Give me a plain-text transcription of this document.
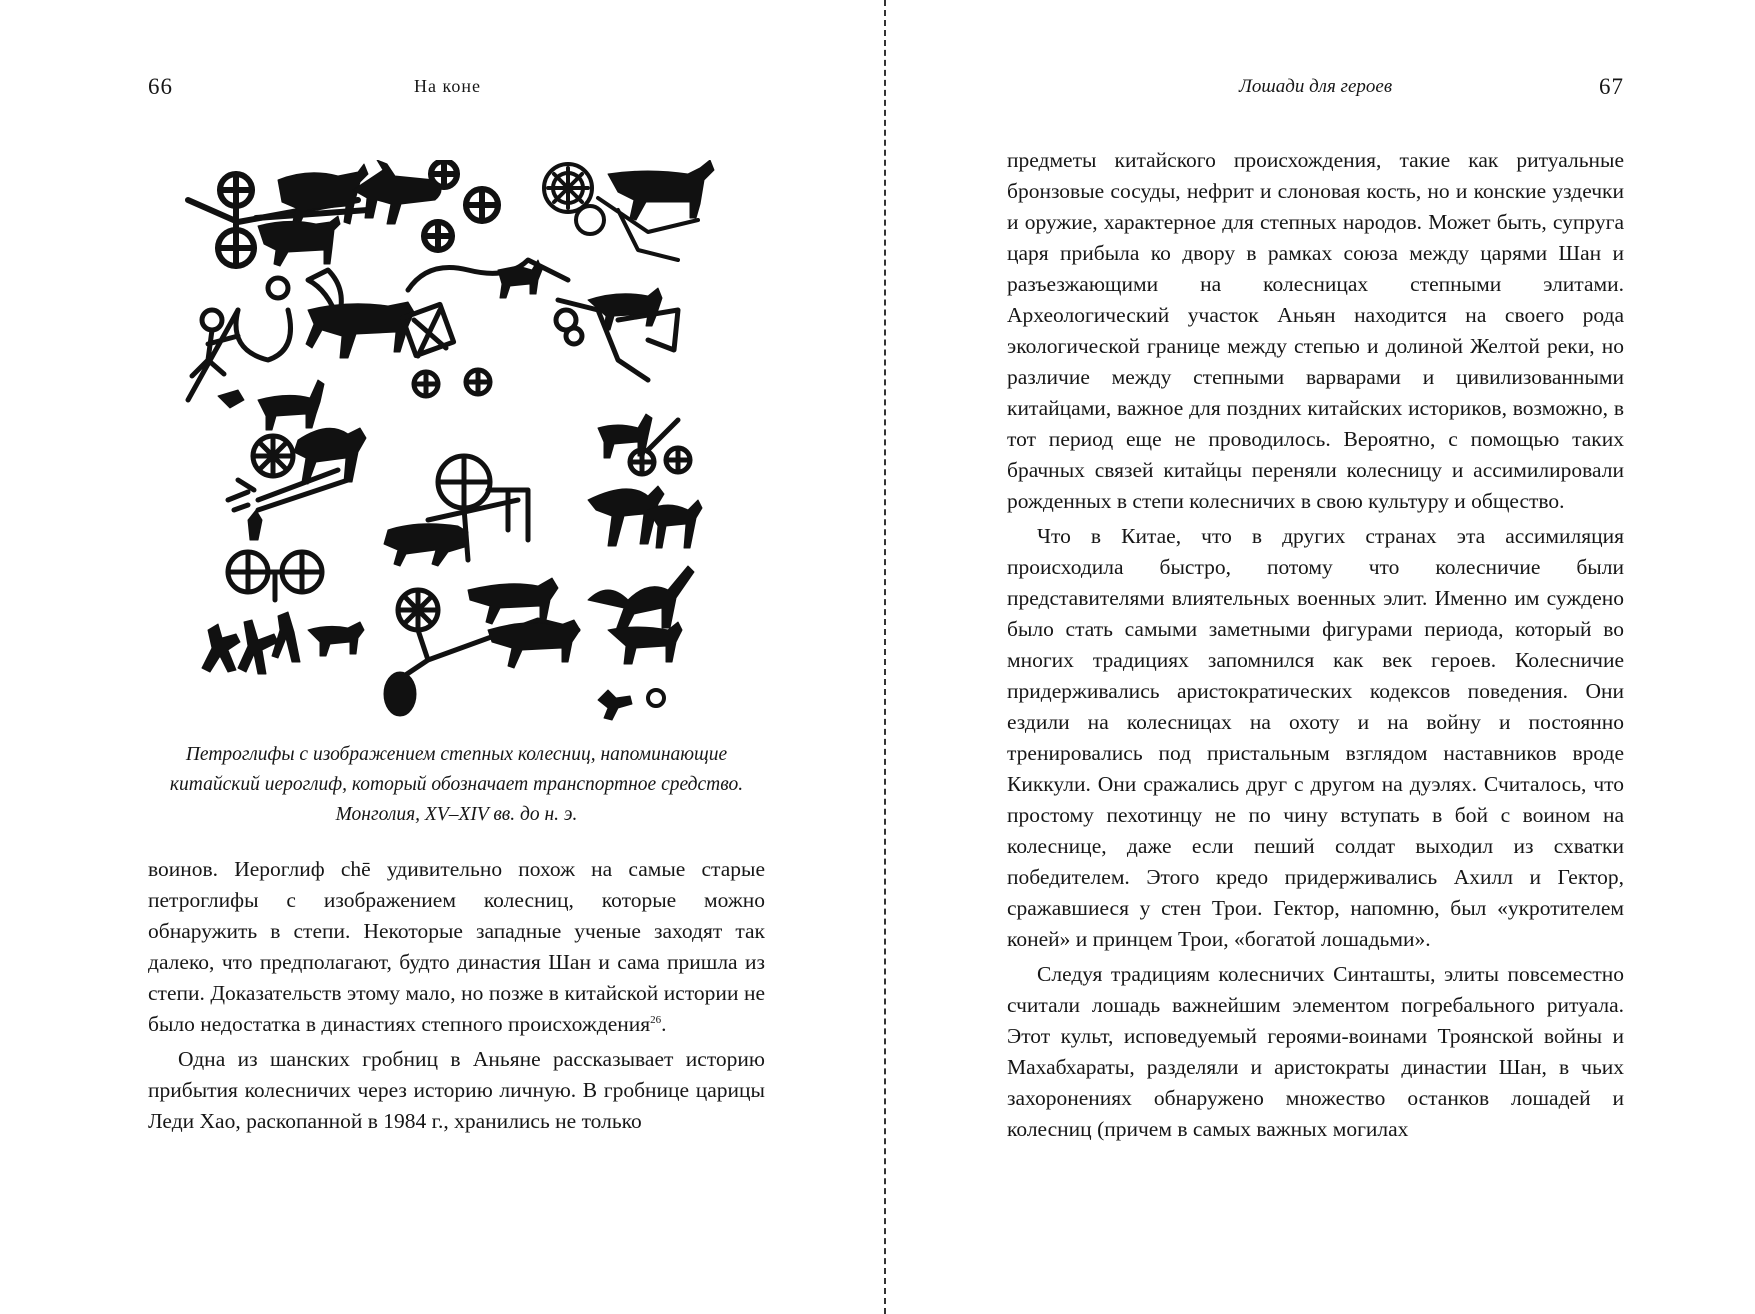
66	На коне
Петроглифы с изображением степных колесниц, напоминающие
китайский иероглиф, который обозначает транспортное средство.
Монголия, XV–XIV вв. до н. э.

воинов. Иероглиф chē удивительно похож на самые старые петроглифы с изображением колесниц, которые можно обнаружить в степи. Некоторые западные ученые заходят так далеко, что предполагают, будто династия Шан и сама пришла из степи. Доказательств этому мало, но позже в китайской истории не было недостатка в династиях степного происхождения$^{26}$.

Одна из шанских гробниц в Аньяне рассказывает историю прибытия колесничих через историю личную. В гробнице царицы Леди Хао, раскопанной в 1984 г., хранились не только

Лошади для героев	67

предметы китайского происхождения, такие как ритуальные бронзовые сосуды, нефрит и слоновая кость, но и конские уздечки и оружие, характерное для степных народов. Может быть, супруга царя прибыла ко двору в рамках союза между царями Шан и разъезжающими на колесницах степными элитами. Археологический участок Аньян находится на своего рода экологической границе между степью и долиной Желтой реки, но различие между степными варварами и цивилизованными китайцами, важное для поздних китайских историков, возможно, в тот период еще не проводилось. Вероятно, с помощью таких брачных связей китайцы переняли колесницу и ассимилировали рожденных в степи колесничих в свою культуру и общество.

Что в Китае, что в других странах эта ассимиляция происходила быстро, потому что колесничие были представителями влиятельных военных элит. Именно им суждено было стать самыми заметными фигурами периода, который во многих традициях запомнился как век героев. Колесничие придерживались аристократических кодексов поведения. Они ездили на колесницах на охоту и на войну и постоянно тренировались под пристальным взглядом наставников вроде Киккули. Они сражались друг с другом на дуэлях. Считалось, что простому пехотинцу не по чину вступать в бой с воином на колеснице, даже если пеший солдат выходил из схватки победителем. Этого кредо придерживались Ахилл и Гектор, сражавшиеся у стен Трои. Гектор, напомню, был «укротителем коней» и принцем Трои, «богатой лошадьми».

Следуя традициям колесничих Синташты, элиты повсеместно считали лошадь важнейшим элементом погребального ритуала. Этот культ, исповедуемый героями-воинами Троянской войны и Махабхараты, разделяли и аристократы династии Шан, в чьих захоронениях обнаружено множество останков лошадей и колесниц (причем в самых важных могилах
